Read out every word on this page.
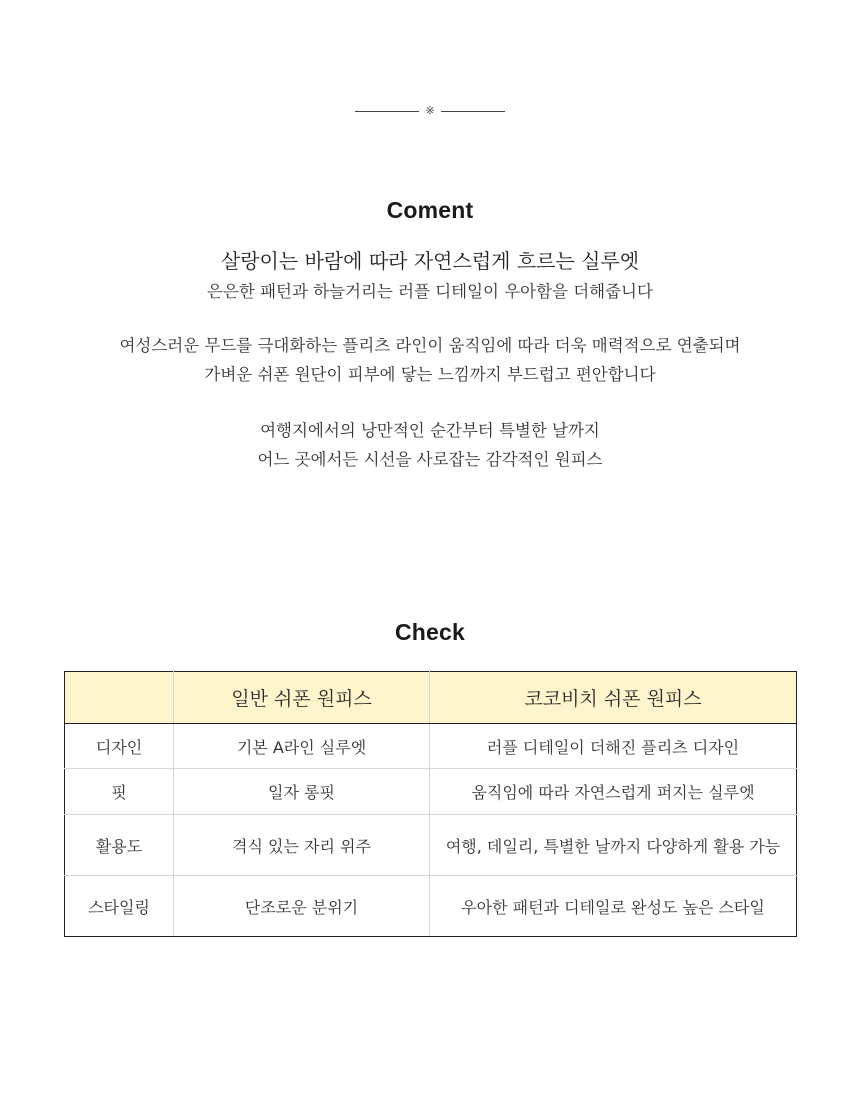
※
Coment
살랑이는 바람에 따라 자연스럽게 흐르는 실루엣
은은한 패턴과 하늘거리는 러플 디테일이 우아함을 더해줍니다
여성스러운 무드를 극대화하는 플리츠 라인이 움직임에 따라 더욱 매력적으로 연출되며
가벼운 쉬폰 원단이 피부에 닿는 느낌까지 부드럽고 편안합니다
여행지에서의 낭만적인 순간부터 특별한 날까지
어느 곳에서든 시선을 사로잡는 감각적인 원피스
Check
	일반 쉬폰 원피스	코코비치 쉬폰 원피스
디자인	기본 A라인 실루엣	러플 디테일이 더해진 플리츠 디자인
핏	일자 롱핏	움직임에 따라 자연스럽게 퍼지는 실루엣
활용도	격식 있는 자리 위주	여행, 데일리, 특별한 날까지 다양하게 활용 가능
스타일링	단조로운 분위기	우아한 패턴과 디테일로 완성도 높은 스타일
